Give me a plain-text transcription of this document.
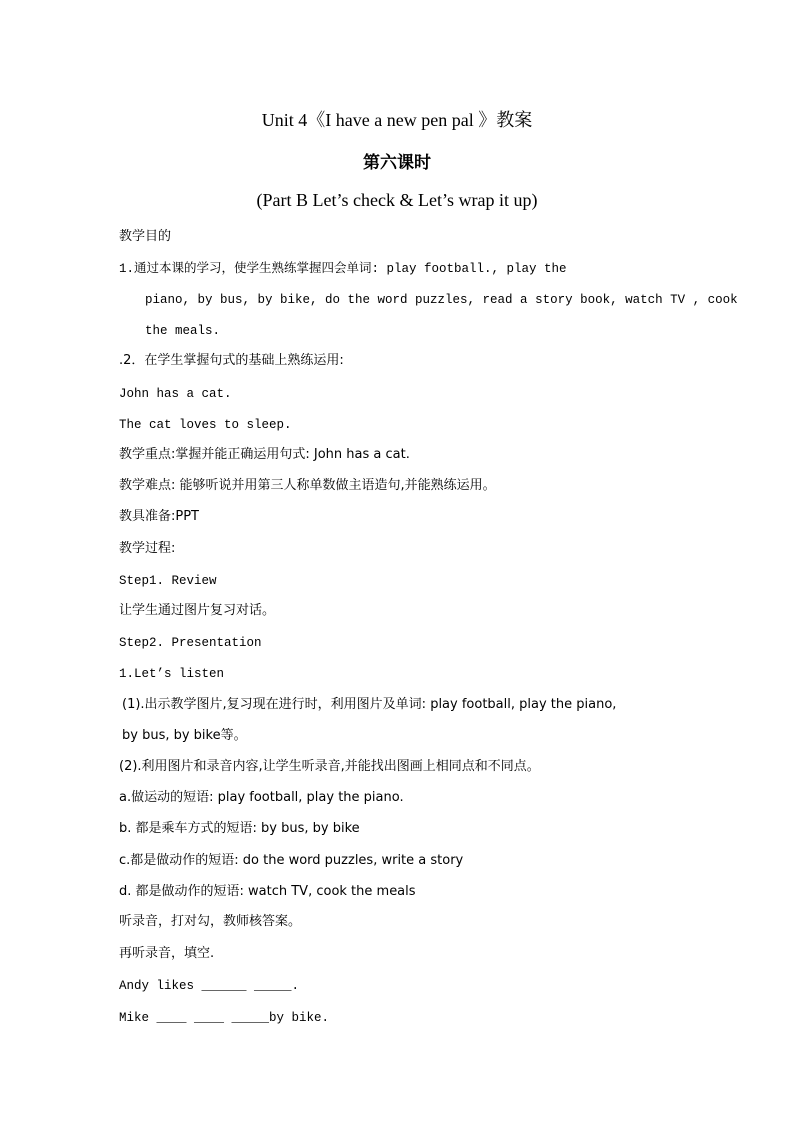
Unit 4《I have a new pen pal 》教案
第六课时
(Part B Let’s check & Let’s wrap it up)
教学目的
1.通过本课的学习，使学生熟练掌握四会单词: play football., play the
piano, by bus, by bike, do the word puzzles, read a story book, watch TV , cook
the meals.
.2．在学生掌握句式的基础上熟练运用:
John has a cat.
The cat loves to sleep.
教学重点:掌握并能正确运用句式: John has a cat.
教学难点: 能够听说并用第三人称单数做主语造句,并能熟练运用。
教具准备:PPT
教学过程:
Step1. Review
让学生通过图片复习对话。
Step2. Presentation
1.Let’s listen
(1).出示教学图片,复习现在进行时，利用图片及单词: play football, play the piano,
by bus, by bike等。
(2).利用图片和录音内容,让学生听录音,并能找出图画上相同点和不同点。
a.做运动的短语: play football, play the piano.
b. 都是乘车方式的短语: by bus, by bike
c.都是做动作的短语: do the word puzzles, write a story
d. 都是做动作的短语: watch TV, cook the meals
听录音，打对勾，教师核答案。
再听录音，填空.
Andy likes ______ _____.
Mike ____ ____ _____by bike.
